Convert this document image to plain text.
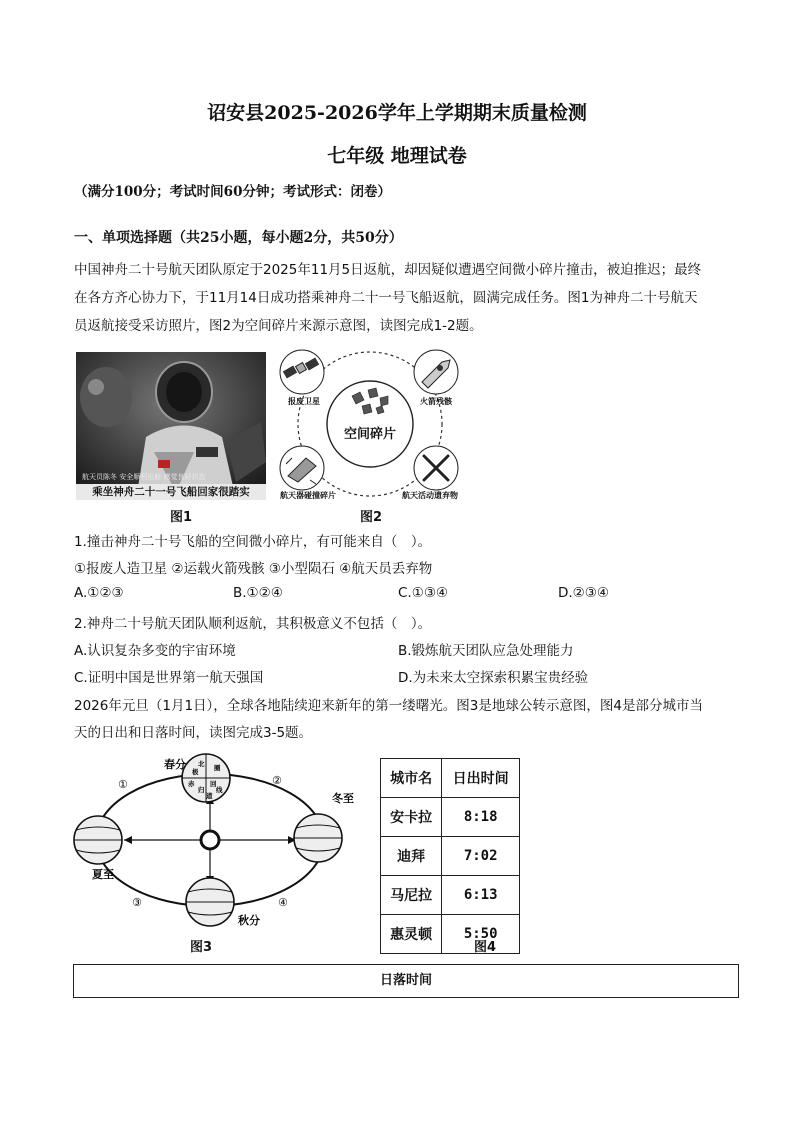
诏安县2025-2026学年上学期期末质量检测
七年级 地理试卷
（满分100分；考试时间60分钟；考试形式：闭卷）
一、单项选择题（共25小题，每小题2分，共50分）
中国神舟二十号航天团队原定于2025年11月5日返航，却因疑似遭遇空间微小碎片撞击，被迫推迟；最终
在各方齐心协力下，于11月14日成功搭乘神舟二十一号飞船返航，圆满完成任务。图1为神舟二十号航天
员返航接受采访照片，图2为空间碎片来源示意图，读图完成1-2题。
航天员陈冬 安全顺利出舱 感觉良好状态
乘坐神舟二十一号飞船回家很踏实
图1
空间碎片
报废卫星	火箭残骸
航天器碰撞碎片	航天活动遗弃物
图2
1.撞击神舟二十号飞船的空间微小碎片，有可能来自（　）。
①报废人造卫星 ②运载火箭残骸 ③小型陨石 ④航天员丢弃物
A.①②③	B.①②④	C.①③④	D.②③④
2.神舟二十号航天团队顺利返航，其积极意义不包括（　）。
A.认识复杂多变的宇宙环境	B.锻炼航天团队应急处理能力
C.证明中国是世界第一航天强国	D.为未来太空探索积累宝贵经验
2026年元旦（1月1日），全球各地陆续迎来新年的第一缕曙光。图3是地球公转示意图，图4是部分城市当
天的日出和日落时间，读图完成3-5题。
北
极 圈
回
归 线
赤
道
春分
冬至
夏至
秋分
①	②
③	④
图3
城市名	日出时间
安卡拉	8:18
迪拜	7:02
马尼拉	6:13
惠灵顿	5:50
图4
日落时间
